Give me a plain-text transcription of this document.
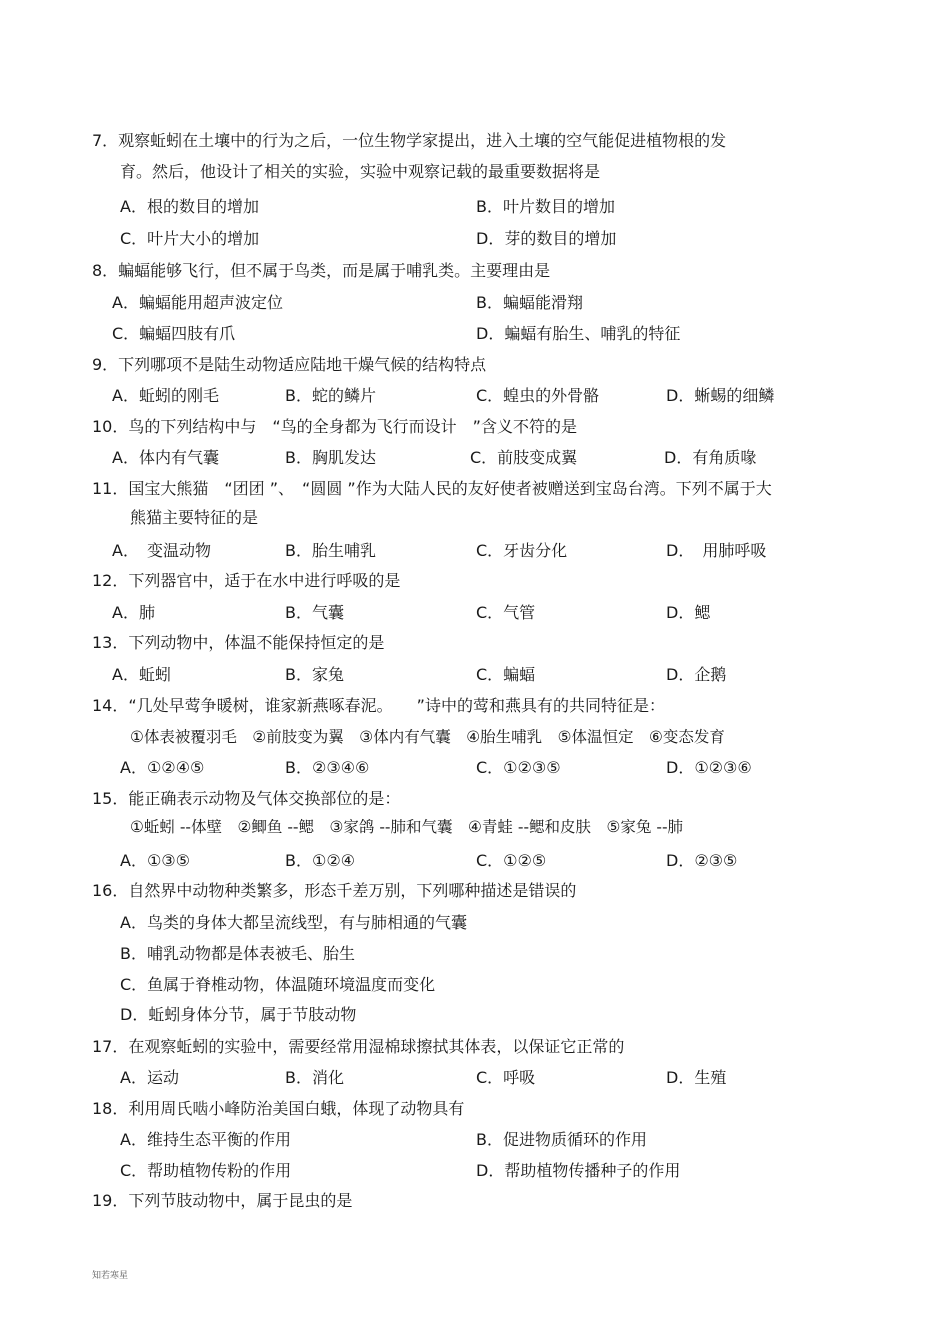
7．观察蚯蚓在土壤中的行为之后，一位生物学家提出，进入土壤的空气能促进植物根的发
育。然后，他设计了相关的实验，实验中观察记载的最重要数据将是
A．根的数目的增加	B．叶片数目的增加
C．叶片大小的增加	D．芽的数目的增加
8．蝙蝠能够飞行，但不属于鸟类，而是属于哺乳类。主要理由是
A．蝙蝠能用超声波定位	B．蝙蝠能滑翔
C．蝙蝠四肢有爪	D．蝙蝠有胎生、哺乳的特征
9．下列哪项不是陆生动物适应陆地干燥气候的结构特点
A．蚯蚓的刚毛	B．蛇的鳞片	C．蝗虫的外骨骼	D．蜥蜴的细鳞
10．鸟的下列结构中与　“鸟的全身都为飞行而设计　”含义不符的是
A．体内有气囊	B．胸肌发达	C．前肢变成翼	D．有角质喙
11．国宝大熊猫　“团团 ”、　“圆圆 ”作为大陆人民的友好使者被赠送到宝岛台湾。下列不属于大
熊猫主要特征的是
A．　变温动物	B．胎生哺乳	C．牙齿分化	D．　用肺呼吸
12．下列器官中，适于在水中进行呼吸的是
A．肺	B．气囊	C．气管	D．鳃
13．下列动物中，体温不能保持恒定的是
A．蚯蚓	B．家兔	C．蝙蝠	D．企鹅
14．“几处早莺争暖树，谁家新燕啄春泥。　　”诗中的莺和燕具有的共同特征是：
①体表被覆羽毛　②前肢变为翼　③体内有气囊　④胎生哺乳　⑤体温恒定　⑥变态发育
A．①②④⑤	B．②③④⑥	C．①②③⑤	D．①②③⑥
15．能正确表示动物及气体交换部位的是：
①蚯蚓 --体壁　②鲫鱼 --鳃　③家鸽 --肺和气囊　④青蛙 --鳃和皮肤　⑤家兔 --肺
A．①③⑤	B．①②④	C．①②⑤	D．②③⑤
16．自然界中动物种类繁多，形态千差万别，下列哪种描述是错误的
A．鸟类的身体大都呈流线型，有与肺相通的气囊
B．哺乳动物都是体表被毛、胎生
C．鱼属于脊椎动物，体温随环境温度而变化
D．蚯蚓身体分节，属于节肢动物
17．在观察蚯蚓的实验中，需要经常用湿棉球擦拭其体表，以保证它正常的
A．运动	B．消化	C．呼吸	D．生殖
18．利用周氏啮小峰防治美国白蛾，体现了动物具有
A．维持生态平衡的作用	B．促进物质循环的作用
C．帮助植物传粉的作用	D．帮助植物传播种子的作用
19．下列节肢动物中，属于昆虫的是
知若寒星
